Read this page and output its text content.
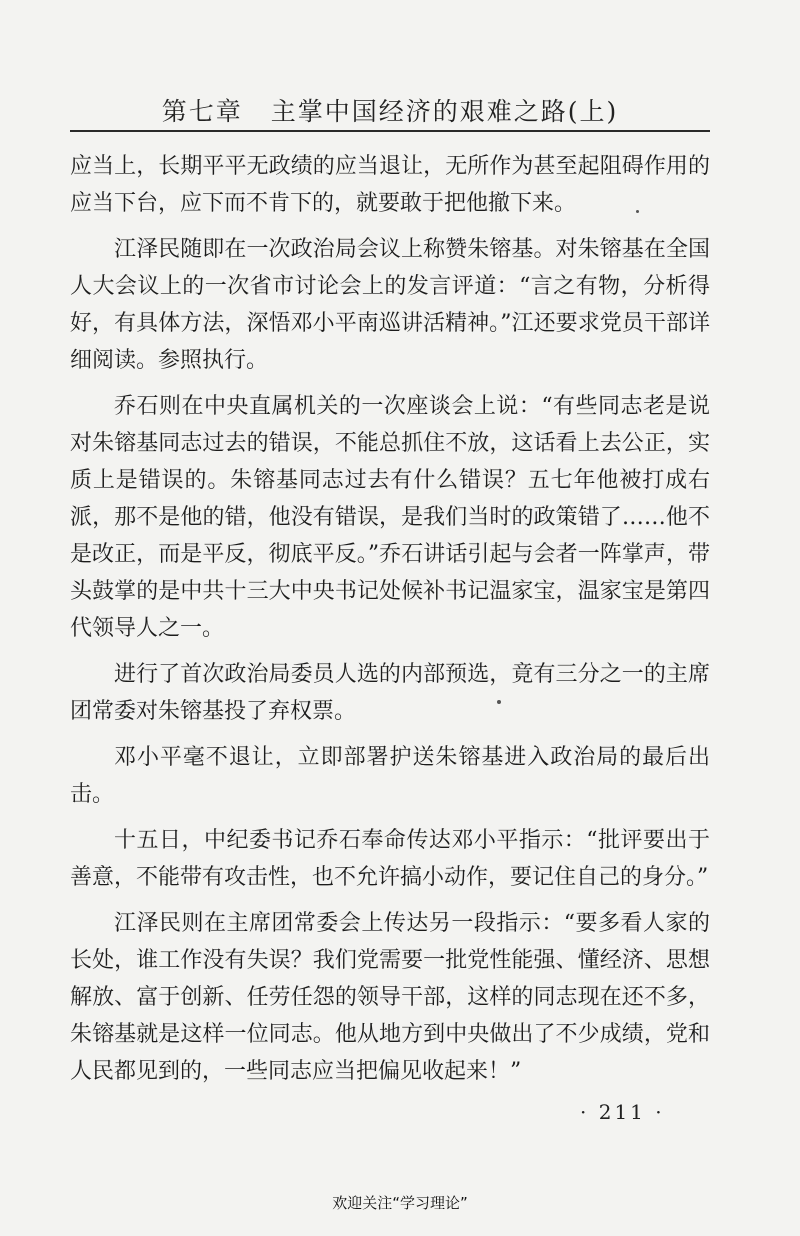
第七章 主掌中国经济的艰难之路(上)

应当上，长期平平无政绩的应当退让，无所作为甚至起阻碍作用的应当下台，应下而不肯下的，就要敢于把他撤下来。

江泽民随即在一次政治局会议上称赞朱镕基。对朱镕基在全国人大会议上的一次省市讨论会上的发言评道：“言之有物，分析得好，有具体方法，深悟邓小平南巡讲活精神。”江还要求党员干部详细阅读。参照执行。

乔石则在中央直属机关的一次座谈会上说：“有些同志老是说对朱镕基同志过去的错误，不能总抓住不放，这话看上去公正，实质上是错误的。朱镕基同志过去有什么错误？五七年他被打成右派，那不是他的错，他没有错误，是我们当时的政策错了……他不是改正，而是平反，彻底平反。”乔石讲话引起与会者一阵掌声，带头鼓掌的是中共十三大中央书记处候补书记温家宝，温家宝是第四代领导人之一。

进行了首次政治局委员人选的内部预选，竟有三分之一的主席团常委对朱镕基投了弃权票。

邓小平毫不退让，立即部署护送朱镕基进入政治局的最后出击。

十五日，中纪委书记乔石奉命传达邓小平指示：“批评要出于善意，不能带有攻击性，也不允许搞小动作，要记住自己的身分。”

江泽民则在主席团常委会上传达另一段指示：“要多看人家的长处，谁工作没有失误？我们党需要一批党性能强、懂经济、思想解放、富于创新、任劳任怨的领导干部，这样的同志现在还不多，朱镕基就是这样一位同志。他从地方到中央做出了不少成绩，党和人民都见到的，一些同志应当把偏见收起来！”

· 211 ·
欢迎关注“学习理论”
